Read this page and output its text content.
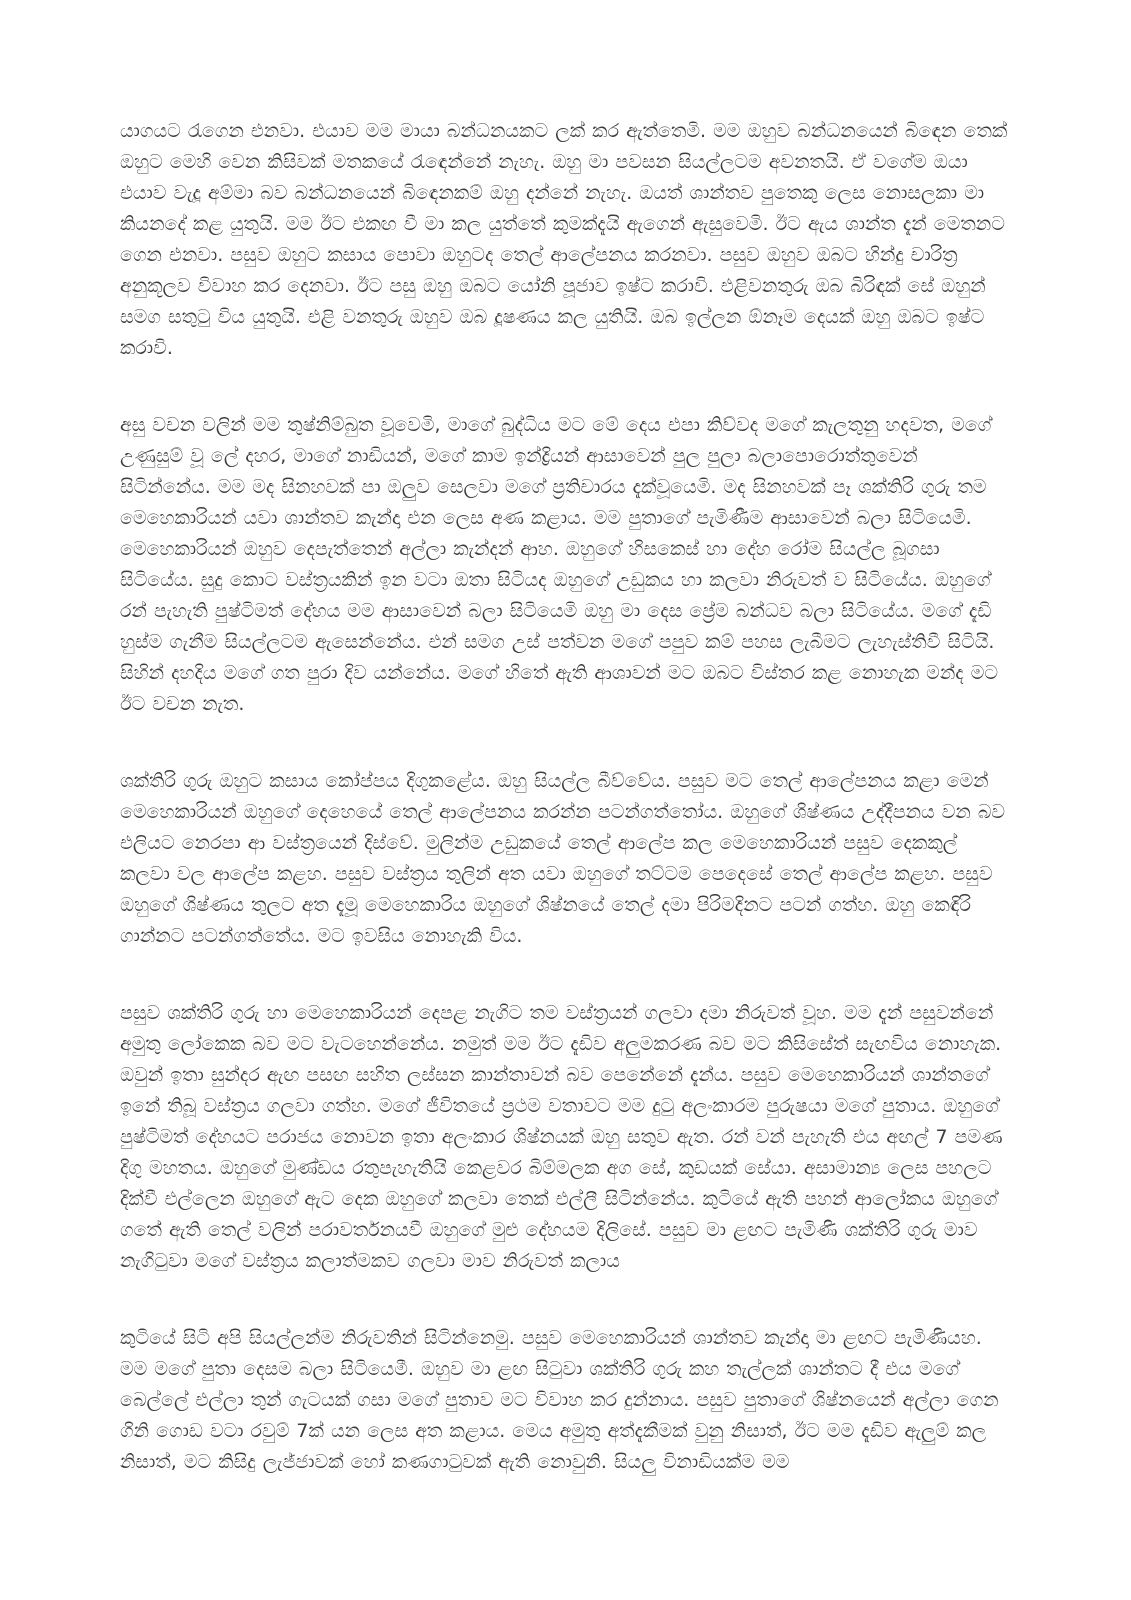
යාගයට රැගෙන එනවා. එයාව මම මායා බන්ධනයකට ලක් කර ඇත්තෙමි. මම ඔහුව බන්ධනයෙන් බිඳෙන තෙක් ඔහුට මෙහි වෙන කිසිවක් මතකයේ රැඳෙන්නේ නැහැ. ඔහු මා පවසන සියල්ලටම අවනතයි. ඒ වගේම ඔයා එයාව වැදූ අම්මා බව බන්ධනයෙන් බිඳෙනකම් ඔහු දන්නේ නැහැ. ඔයත් ශාන්තව පුතෙකු ලෙස නොසලකා මා කියනදේ කළ යුතුයි. මම ඊට එකඟ වී මා කල යුත්තේ කුමක්දැයි ඇගෙන් ඇසුවෙමි. ඊට ඇය ශාන්ත දැන් මෙතනට ගෙන එනවා. පසුව ඔහුට කසාය පොවා ඔහුටද තෙල් ආලේපනය කරනවා. පසුව ඔහුව ඔබට හින්දු චාරිත්‍ර අනුකූලව විවාහ කර දෙනවා. ඊට පසු ඔහු ඔබට යෝනි පූජාව ඉෂ්ට කරාවි. එළිවනතුරු ඔබ බිරිඳක් සේ ඔහුන් සමග සතුටු විය යුතුයි. එළි වනතුරු ඔහුව ඔබ දූෂණය කල යුතියි. ඔබ ඉල්ලන ඕනෑම දෙයක් ඔහු ඔබට ඉෂ්ට කරාවි.

අසු වචන වලින් මම තුෂ්නිම්බුත වූවෙමි, මාගේ බුද්ධිය මට මේ දෙය එපා කිව්වද මගේ කැලතුනු හදවත, මගේ උණුසුම් වූ ලේ දහර, මාගේ නාඩියන්, මගේ කාම ඉන්ද්‍රියන් ආසාවෙන් පුල පුලා බලාපොරොත්තුවෙන් සිටින්නේය. මම මද සිනහවක් පා ඔලුව සෙලවා මගේ ප්‍රතිචාරය දැක්වූයෙමි. මද සිනහවක් පෑ ශක්තිරි ගුරු තම මෙහෙකාරියන් යවා ශාන්තව කැන්දා එන ලෙස අණ කළාය. මම පුතාගේ පැමිණීම ආසාවෙන් බලා සිටියෙමි. මෙහෙකාරියන් ඔහුව දෙපැත්තෙන් අල්ලා කැන්දන් ආහ. ඔහුගේ හිසකෙස් හා දේහ රෝම සියල්ල බූගසා සිටියේය. සුදු කොට වස්ත්‍රයකින් ඉන වටා ඔතා සිටියද ඔහුගේ උඩුකය හා කලවා නිරුවත් ව සිටියේය. ඔහුගේ රන් පැහැති පුෂ්ටිමත් දේහය මම ආසාවෙන් බලා සිටියෙමි ඔහු මා දෙස ප්‍රේම බන්ධව බලා සිටියේය. මගේ දැඩි හුස්ම ගැනීම සියල්ලටම ඇසෙන්නේය. එන් සමග උස් පත්වන මගේ පපුව කම් පහස ලැබීමට ලැහැස්තිවී සිටියි. සිහින් දහදිය මගේ ගත පුරා දිව යන්නේය. මගේ හිතේ ඇති ආශාවන් මට ඔබට විස්තර කළ නොහැක මන්ද මට ඊට වචන නැත.

ශක්තිරි ගුරු ඔහුට කසාය කෝප්පය දිගුකළේය. ඔහු සියල්ල බීව්වේය. පසුව මට තෙල් ආලේපනය කළා මෙන් මෙහෙකාරියන් ඔහුගේ දෙහෙයේ තෙල් ආලේපනය කරන්න පටන්ගත්තෝය. ඔහුගේ ශිෂ්ණය උද්දීපනය වන බව එලියට නෙරපා ආ වස්ත්‍රයෙන් දිස්වේ. මුලින්ම උඩුකයේ තෙල් ආලේප කල මෙහෙකාරියන් පසුව දෙකකුල් කලවා වල ආලේප කළහ. පසුව වස්ත්‍රය තුලින් අත යවා ඔහුගේ තට්ටම පෙදෙසේ තෙල් ආලේප කළහ. පසුව ඔහුගේ ශිෂ්ණය තුලට අත දැමූ මෙහෙකාරිය ඔහුගේ ශිෂ්නයේ තෙල් දමා පිරිමදිනට පටන් ගත්හ. ඔහු කෙඳිරි ගාන්නට පටන්ගත්තේය. මට ඉවසිය නොහැකි විය.

පසුව ශක්තිරි ගුරු හා මෙහෙකාරියන් දෙපළ නැගිට තම වස්ත්‍රයන් ගලවා දමා නිරුවත් වූහ. මම දැන් පසුවන්නේ අමුතු ලෝකෙක බව මට වැටහෙන්නේය. නමුත් මම ඊට දැඩිව අලුමකරණ බව මට කිසිසේත් සැඟවිය නොහැක. ඔවුන් ඉතා සුන්දර ඇඟ පසඟ සහිත ලස්සන කාන්තාවන් බව පෙනේනේ දැන්ය. පසුව මෙහෙකාරියන් ශාන්තගේ ඉනේ තිබූ වස්ත්‍රය ගලවා ගත්හ. මගේ ජීවිතයේ ප්‍රථම වතාවට මම දුටු අලංකාරම පුරුෂයා මගේ පුතාය. ඔහුගේ පුෂ්ටිමත් දේහයට පරාජය නොවන ඉතා අලංකාර ශිෂ්නයක් ඔහු සතුව ඇත. රන් වන් පැහැති එය අඟල් 7 පමණ දිගු මහතය. ඔහුගේ මුණ්ඩය රතුපැහැතියි කෙළවර බිම්මලක අග සේ, කුඩයක් සේයා. අසාමාන්‍ය ලෙස පහලට දික්වී එල්ලෙන ඔහුගේ ඇට දෙක ඔහුගේ කලවා තෙක් එල්ලී සිටින්නේය. කුටියේ ඇති පහන් ආලෝකය ඔහුගේ ගතේ ඇති තෙල් වලින් පරාවර්තනයවී ඔහුගේ මුළු දේහයම දිලිසේ. පසුව මා ළඟට පැමිණි ශක්තිරි ගුරු මාව නැගිටුවා මගේ වස්ත්‍රය කලාත්මකව ගලවා මාව නිරුවත් කලාය

කුටියේ සිටි අපි සියල්ලන්ම නිරුවතින් සිටින්නෙමු. පසුව මෙහෙකාරියන් ශාන්තව කැන්දා මා ළඟට පැමිණියහ. මම මගේ පුතා දෙසම බලා සිටියෙමී. ඔහුව මා ළඟ සිටුවා ශක්තිරි ගුරු කහ තැල්ලක් ශාන්තට දී එය මගේ බෙල්ලේ එල්ලා තුන් ගැටයක් ගසා මගේ පුතාව මට විවාහ කර දුන්නාය. පසුව පුතාගේ ශිෂ්නයෙන් අල්ලා ගෙන ගිනි ගොඩ වටා රවුම් 7ක් යන ලෙස අත කළාය. මෙය අමුතු අත්දැකීමක් වුනු නිසාත්, ඊට මම දැඩිව ඇලුම් කල නිසාත්, මට කිසිදු ලැජ්ජාවක් හෝ කණගාටුවක් ඇති නොවුනි. සියලු විනාඩියක්ම මම
